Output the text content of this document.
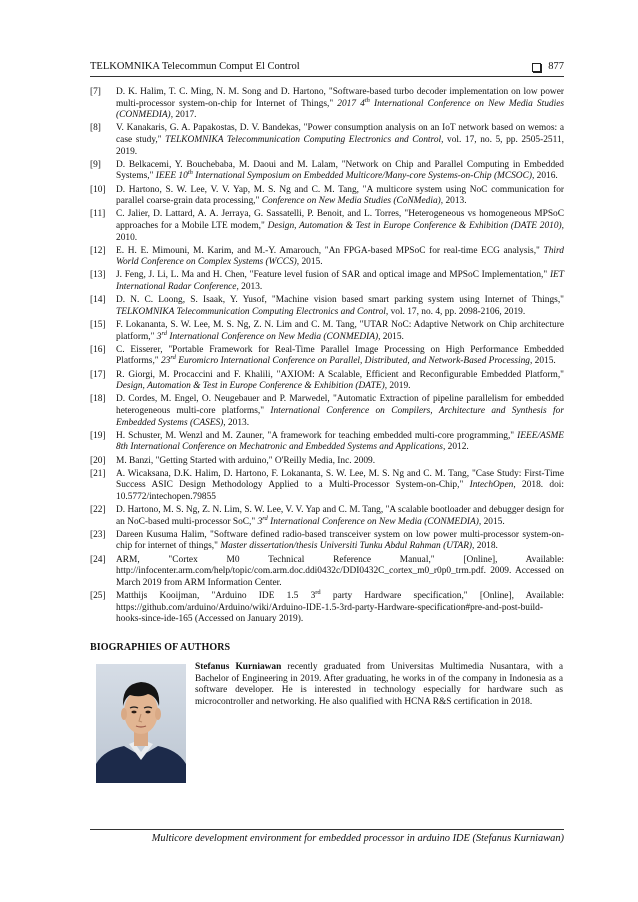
TELKOMNIKA Telecommun Comput El Control	877
[7]	D. K. Halim, T. C. Ming, N. M. Song and D. Hartono, "Software-based turbo decoder implementation on low power multi-processor system-on-chip for Internet of Things," 2017 4th International Conference on New Media Studies (CONMEDIA), 2017.
[8]	V. Kanakaris, G. A. Papakostas, D. V. Bandekas, "Power consumption analysis on an IoT network based on wemos: a case study," TELKOMNIKA Telecommunication Computing Electronics and Control, vol. 17, no. 5, pp. 2505-2511, 2019.
[9]	D. Belkacemi, Y. Bouchebaba, M. Daoui and M. Lalam, "Network on Chip and Parallel Computing in Embedded Systems," IEEE 10th International Symposium on Embedded Multicore/Many-core Systems-on-Chip (MCSOC), 2016.
[10]	D. Hartono, S. W. Lee, V. V. Yap, M. S. Ng and C. M. Tang, "A multicore system using NoC communication for parallel coarse-grain data processing," Conference on New Media Studies (CoNMedia), 2013.
[11]	C. Jalier, D. Lattard, A. A. Jerraya, G. Sassatelli, P. Benoit, and L. Torres, "Heterogeneous vs homogeneous MPSoC approaches for a Mobile LTE modem," Design, Automation & Test in Europe Conference & Exhibition (DATE 2010), 2010.
[12]	E. H. E. Mimouni, M. Karim, and M.-Y. Amarouch, "An FPGA-based MPSoC for real-time ECG analysis," Third World Conference on Complex Systems (WCCS), 2015.
[13]	J. Feng, J. Li, L. Ma and H. Chen, "Feature level fusion of SAR and optical image and MPSoC Implementation," IET International Radar Conference, 2013.
[14]	D. N. C. Loong, S. Isaak, Y. Yusof, "Machine vision based smart parking system using Internet of Things," TELKOMNIKA Telecommunication Computing Electronics and Control, vol. 17, no. 4, pp. 2098-2106, 2019.
[15]	F. Lokananta, S. W. Lee, M. S. Ng, Z. N. Lim and C. M. Tang, "UTAR NoC: Adaptive Network on Chip architecture platform," 3rd International Conference on New Media (CONMEDIA), 2015.
[16]	C. Eisserer, "Portable Framework for Real-Time Parallel Image Processing on High Performance Embedded Platforms," 23rd Euromicro International Conference on Parallel, Distributed, and Network-Based Processing, 2015.
[17]	R. Giorgi, M. Procaccini and F. Khalili, "AXIOM: A Scalable, Efficient and Reconfigurable Embedded Platform," Design, Automation & Test in Europe Conference & Exhibition (DATE), 2019.
[18]	D. Cordes, M. Engel, O. Neugebauer and P. Marwedel, "Automatic Extraction of pipeline parallelism for embedded heterogeneous multi-core platforms," International Conference on Compilers, Architecture and Synthesis for Embedded Systems (CASES), 2013.
[19]	H. Schuster, M. Wenzl and M. Zauner, "A framework for teaching embedded multi-core programming," IEEE/ASME 8th International Conference on Mechatronic and Embedded Systems and Applications, 2012.
[20]	M. Banzi, "Getting Started with arduino," O'Reilly Media, Inc. 2009.
[21]	A. Wicaksana, D.K. Halim, D. Hartono, F. Lokananta, S. W. Lee, M. S. Ng and C. M. Tang, "Case Study: First-Time Success ASIC Design Methodology Applied to a Multi-Processor System-on-Chip," IntechOpen, 2018. doi: 10.5772/intechopen.79855
[22]	D. Hartono, M. S. Ng, Z. N. Lim, S. W. Lee, V. V. Yap and C. M. Tang, "A scalable bootloader and debugger design for an NoC-based multi-processor SoC," 3rd International Conference on New Media (CONMEDIA), 2015.
[23]	Dareen Kusuma Halim, "Software defined radio-based transceiver system on low power multi-processor system-on-chip for internet of things," Master dissertation/thesis Universiti Tunku Abdul Rahman (UTAR), 2018.
[24]	ARM, "Cortex M0 Technical Reference Manual," [Online], Available: http://infocenter.arm.com/help/topic/com.arm.doc.ddi0432c/DDI0432C_cortex_m0_r0p0_trm.pdf. 2009. Accessed on March 2019 from ARM Information Center.
[25]	Matthijs Kooijman, "Arduino IDE 1.5 3rd party Hardware specification," [Online], Available: https://github.com/arduino/Arduino/wiki/Arduino-IDE-1.5-3rd-party-Hardware-specification#pre-and-post-build-hooks-since-ide-165 (Accessed on January 2019).
BIOGRAPHIES OF AUTHORS
Stefanus Kurniawan recently graduated from Universitas Multimedia Nusantara, with a Bachelor of Engineering in 2019. After graduating, he works in of the company in Indonesia as a software developer. He is interested in technology especially for hardware such as microcontroller and networking. He also qualified with HCNA R&S certification in 2018.
Multicore development environment for embedded processor in arduino IDE (Stefanus Kurniawan)
